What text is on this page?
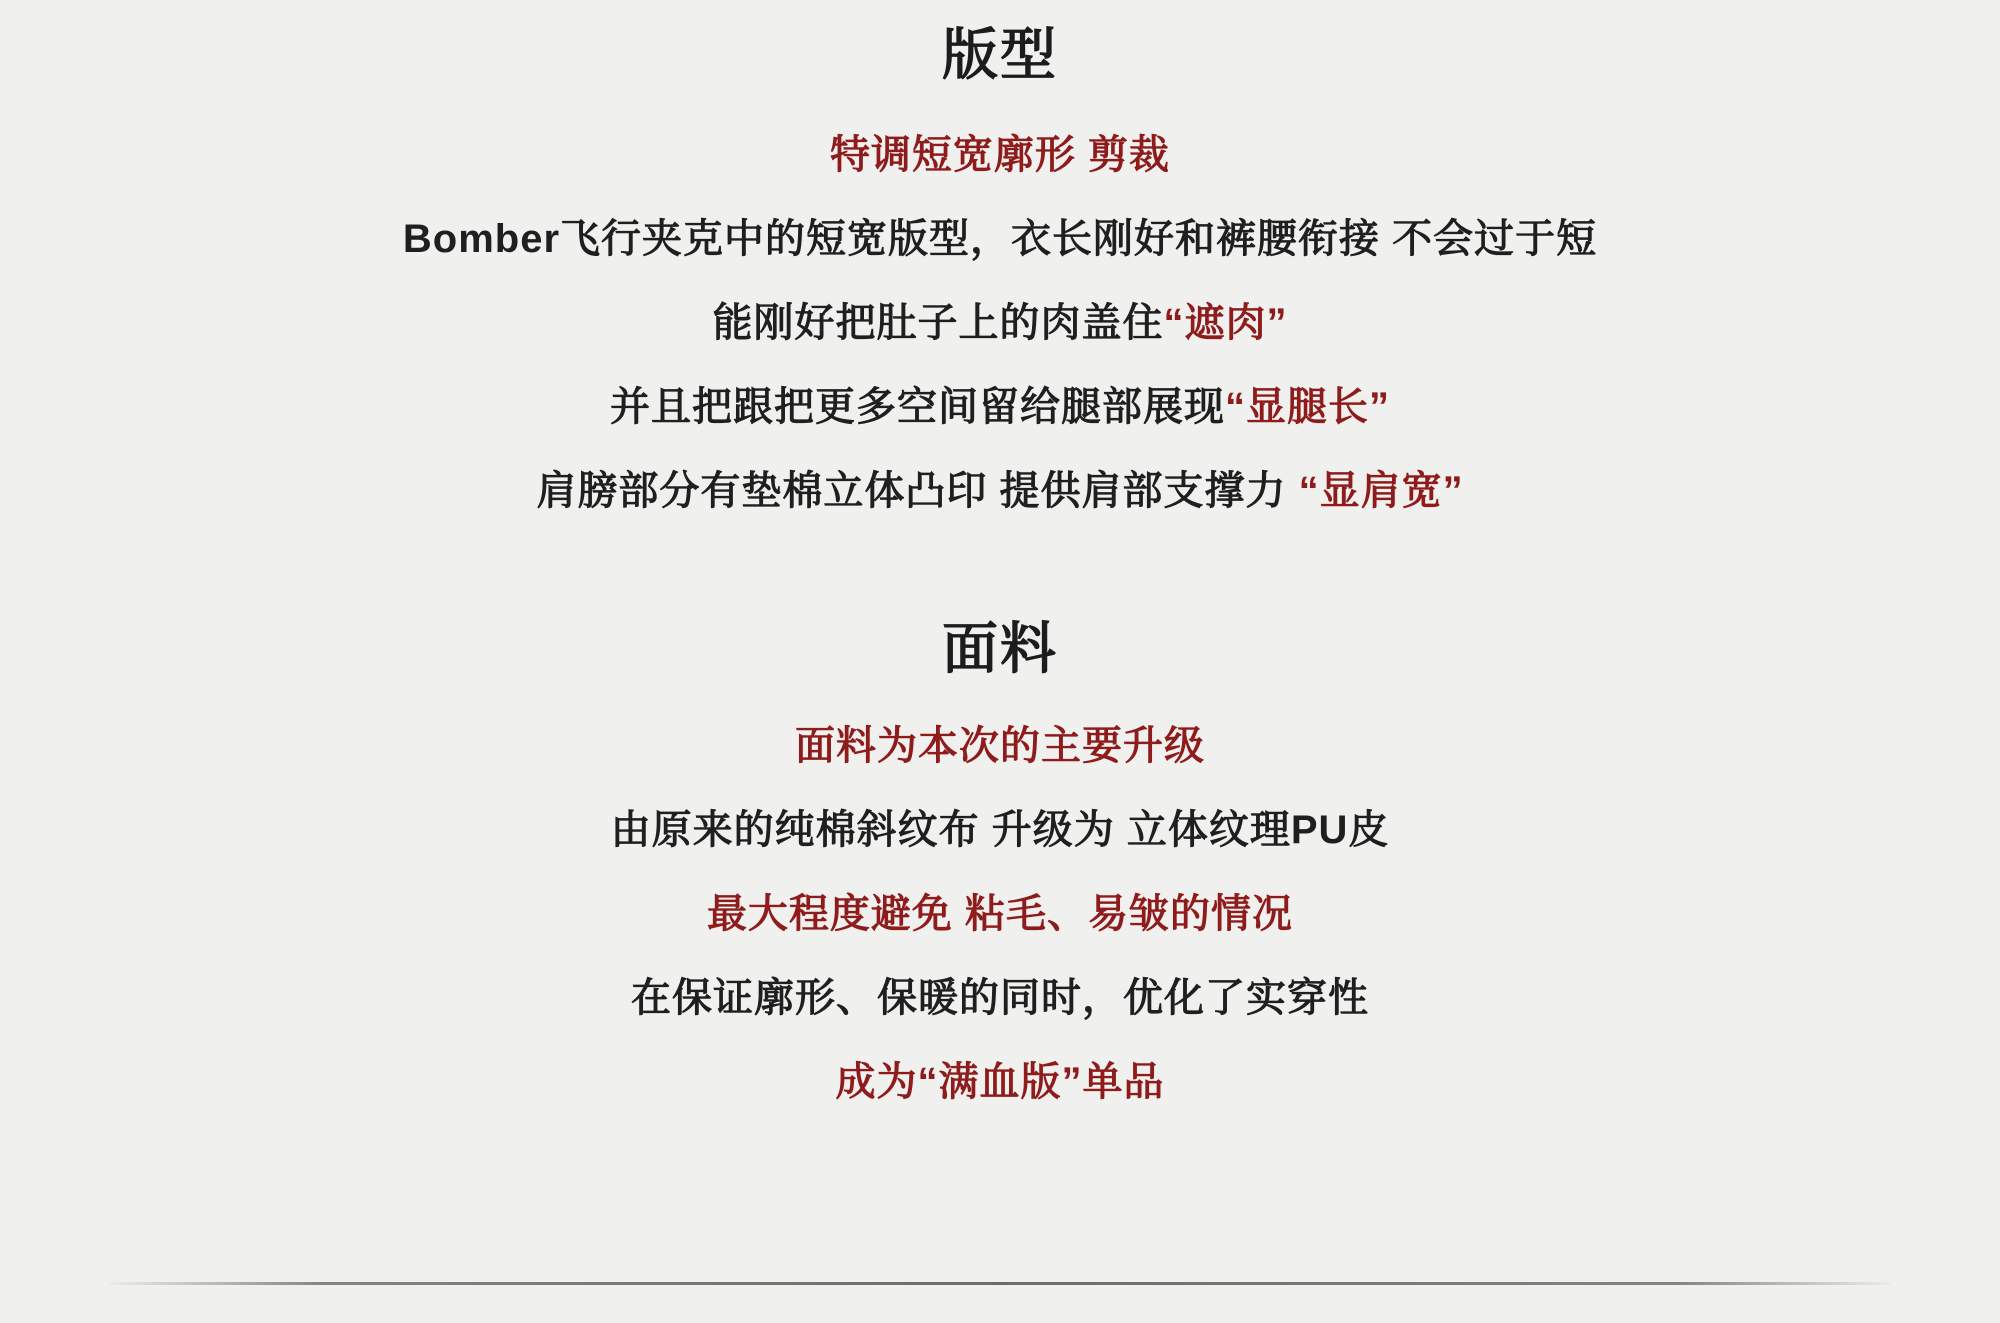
版型
特调短宽廓形 剪裁
Bomber飞行夹克中的短宽版型，衣长刚好和裤腰衔接 不会过于短
能刚好把肚子上的肉盖住“遮肉”
并且把跟把更多空间留给腿部展现“显腿长”
肩膀部分有垫棉立体凸印 提供肩部支撑力 “显肩宽”
面料
面料为本次的主要升级
由原来的纯棉斜纹布 升级为 立体纹理PU皮
最大程度避免 粘毛、易皱的情况
在保证廓形、保暖的同时，优化了实穿性
成为“满血版”单品
